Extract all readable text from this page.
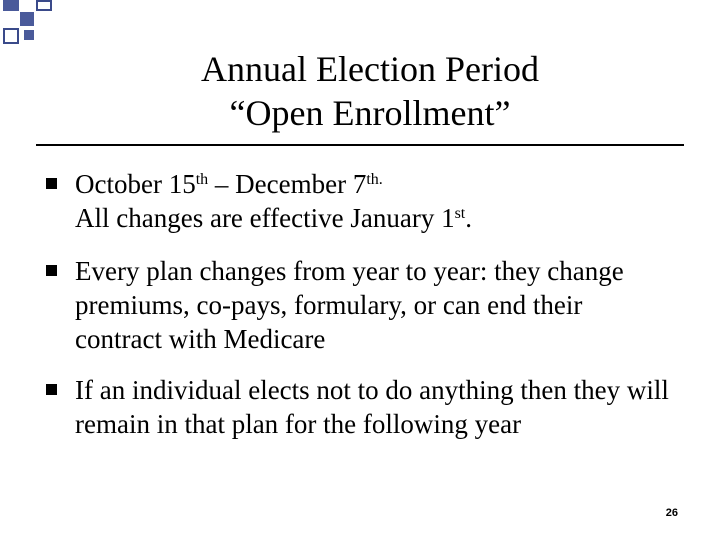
Annual Election Period
“Open Enrollment”
October 15th – December $7^{th.}$
All changes are effective January 1st.
Every plan changes from year to year: they change premiums, co-pays, formulary, or can end their contract with Medicare
If an individual elects not to do anything then they will remain in that plan for the following year
26
